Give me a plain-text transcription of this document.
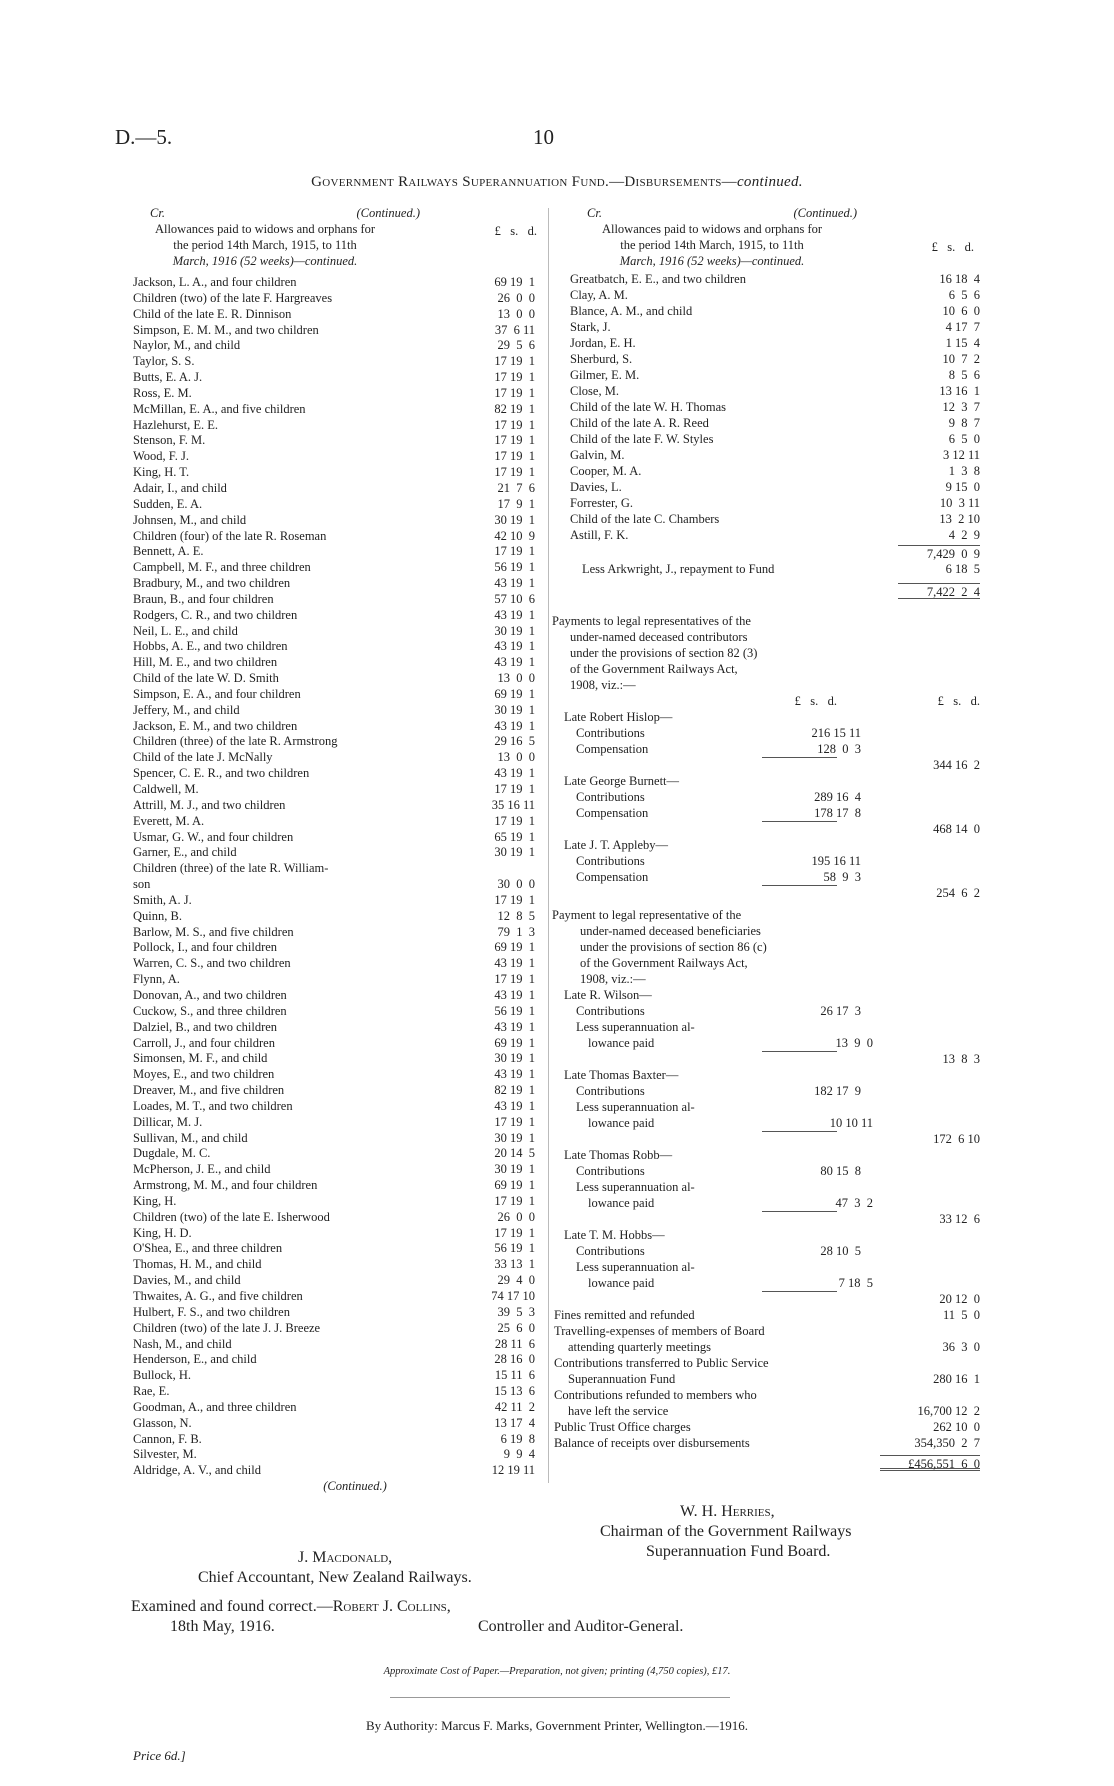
D.—5.	10
Government Railways Superannuation Fund.—Disbursements—continued.
Cr.	(Continued.)
Allowances paid to widows and orphans for
the period 14th March, 1915, to 11th
March, 1916 (52 weeks)—continued.
£   s.   d.
Jackson, L. A., and four children	69 19  1
Children (two) of the late F. Hargreaves	26  0  0
Child of the late E. R. Dinnison	13  0  0
Simpson, E. M. M., and two children	37  6 11
Naylor, M., and child	29  5  6
Taylor, S. S.	17 19  1
Butts, E. A. J.	17 19  1
Ross, E. M.	17 19  1
McMillan, E. A., and five children	82 19  1
Hazlehurst, E. E.	17 19  1
Stenson, F. M.	17 19  1
Wood, F. J.	17 19  1
King, H. T.	17 19  1
Adair, I., and child	21  7  6
Sudden, E. A.	17  9  1
Johnsen, M., and child	30 19  1
Children (four) of the late R. Roseman	42 10  9
Bennett, A. E.	17 19  1
Campbell, M. F., and three children	56 19  1
Bradbury, M., and two children	43 19  1
Braun, B., and four children	57 10  6
Rodgers, C. R., and two children	43 19  1
Neil, L. E., and child	30 19  1
Hobbs, A. E., and two children	43 19  1
Hill, M. E., and two children	43 19  1
Child of the late W. D. Smith	13  0  0
Simpson, E. A., and four children	69 19  1
Jeffery, M., and child	30 19  1
Jackson, E. M., and two children	43 19  1
Children (three) of the late R. Armstrong	29 16  5
Child of the late J. McNally	13  0  0
Spencer, C. E. R., and two children	43 19  1
Caldwell, M.	17 19  1
Attrill, M. J., and two children	35 16 11
Everett, M. A.	17 19  1
Usmar, G. W., and four children	65 19  1
Garner, E., and child	30 19  1
Children (three) of the late R. William-
son	30  0  0
Smith, A. J.	17 19  1
Quinn, B.	12  8  5
Barlow, M. S., and five children	79  1  3
Pollock, I., and four children	69 19  1
Warren, C. S., and two children	43 19  1
Flynn, A.	17 19  1
Donovan, A., and two children	43 19  1
Cuckow, S., and three children	56 19  1
Dalziel, B., and two children	43 19  1
Carroll, J., and four children	69 19  1
Simonsen, M. F., and child	30 19  1
Moyes, E., and two children	43 19  1
Dreaver, M., and five children	82 19  1
Loades, M. T., and two children	43 19  1
Dillicar, M. J.	17 19  1
Sullivan, M., and child	30 19  1
Dugdale, M. C.	20 14  5
McPherson, J. E., and child	30 19  1
Armstrong, M. M., and four children	69 19  1
King, H.	17 19  1
Children (two) of the late E. Isherwood	26  0  0
King, H. D.	17 19  1
O'Shea, E., and three children	56 19  1
Thomas, H. M., and child	33 13  1
Davies, M., and child	29  4  0
Thwaites, A. G., and five children	74 17 10
Hulbert, F. S., and two children	39  5  3
Children (two) of the late J. J. Breeze	25  6  0
Nash, M., and child	28 11  6
Henderson, E., and child	28 16  0
Bullock, H.	15 11  6
Rae, E.	15 13  6
Goodman, A., and three children	42 11  2
Glasson, N.	13 17  4
Cannon, F. B.	6 19  8
Silvester, M.	9  9  4
Aldridge, A. V., and child	12 19 11
(Continued.)
Cr.	(Continued.)
Allowances paid to widows and orphans for
the period 14th March, 1915, to 11th
March, 1916 (52 weeks)—continued.
£   s.   d.
Greatbatch, E. E., and two children	16 18  4
Clay, A. M.	6  5  6
Blance, A. M., and child	10  6  0
Stark, J.	4 17  7
Jordan, E. H.	1 15  4
Sherburd, S.	10  7  2
Gilmer, E. M.	8  5  6
Close, M.	13 16  1
Child of the late W. H. Thomas	12  3  7
Child of the late A. R. Reed	9  8  7
Child of the late F. W. Styles	6  5  0
Galvin, M.	3 12 11
Cooper, M. A.	1  3  8
Davies, L.	9 15  0
Forrester, G.	10  3 11
Child of the late C. Chambers	13  2 10
Astill, F. K.	4  2  9
7,429  0  9
Less Arkwright, J., repayment to Fund	6 18  5
7,422  2  4
Payments to legal representatives of the
under-named deceased contributors
under the provisions of section 82 (3)
of the Government Railways Act,
1908, viz.:—
£   s.   d.	£   s.   d.
Late Robert Hislop—
Contributions	216 15 11
Compensation	128  0  3
344 16  2
Late George Burnett—
Contributions	289 16  4
Compensation	178 17  8
468 14  0
Late J. T. Appleby—
Contributions	195 16 11
Compensation	58  9  3
254  6  2
Payment to legal representative of the
under-named deceased beneficiaries
under the provisions of section 86 (c)
of the Government Railways Act,
1908, viz.:—
Late R. Wilson—
Contributions	26 17  3
Less superannuation al-
lowance paid	13  9  0
13  8  3
Late Thomas Baxter—
Contributions	182 17  9
Less superannuation al-
lowance paid	10 10 11
172  6 10
Late Thomas Robb—
Contributions	80 15  8
Less superannuation al-
lowance paid	47  3  2
33 12  6
Late T. M. Hobbs—
Contributions	28 10  5
Less superannuation al-
lowance paid	7 18  5
20 12  0
Fines remitted and refunded	11  5  0
Travelling-expenses of members of Board
attending quarterly meetings	36  3  0
Contributions transferred to Public Service
Superannuation Fund	280 16  1
Contributions refunded to members who
have left the service	16,700 12  2
Public Trust Office charges	262 10  0
Balance of receipts over disbursements	354,350  2  7
£456,551  6  0
W. H. Herries,
Chairman of the Government Railways
Superannuation Fund Board.
J. Macdonald,
Chief Accountant, New Zealand Railways.
Examined and found correct.—Robert J. Collins,
18th May, 1916.	Controller and Auditor-General.
Approximate Cost of Paper.—Preparation, not given; printing (4,750 copies), £17.
By Authority: Marcus F. Marks, Government Printer, Wellington.—1916.
Price 6d.]
